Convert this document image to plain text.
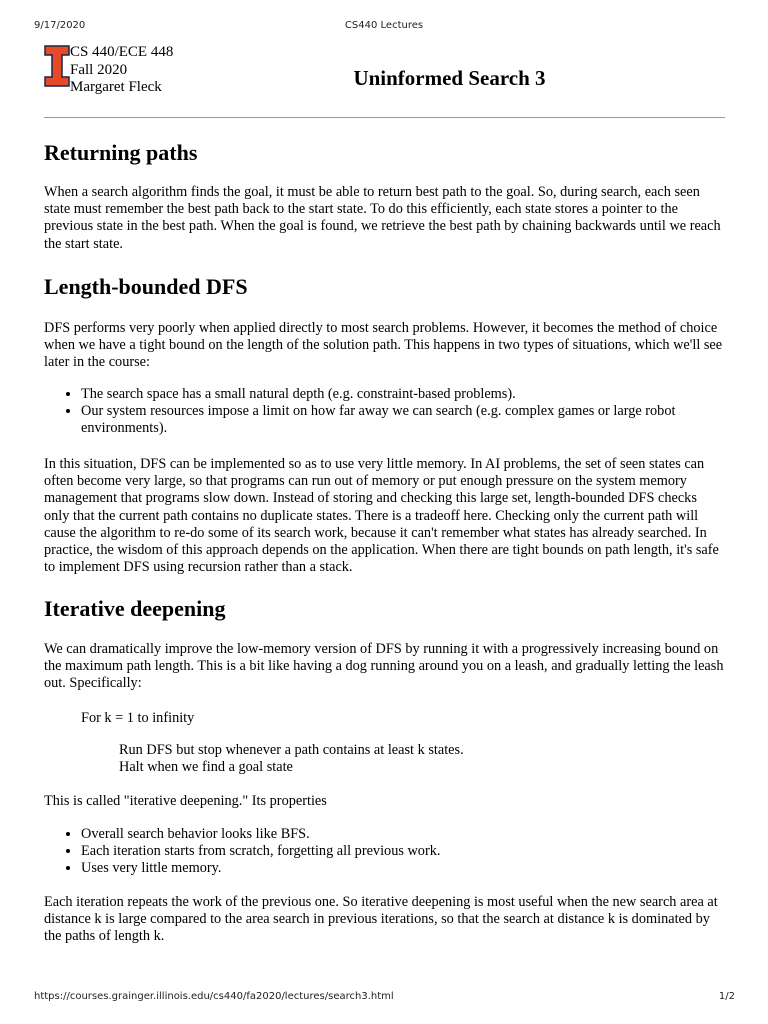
9/17/2020	CS440 Lectures
CS 440/ECE 448
Fall 2020
Margaret Fleck	Uninformed Search 3
Returning paths

When a search algorithm finds the goal, it must be able to return best path to the goal. So, during search, each seen state must remember the best path back to the start state. To do this efficiently, each state stores a pointer to the previous state in the best path. When the goal is found, we retrieve the best path by chaining backwards until we reach the start state.

Length-bounded DFS

DFS performs very poorly when applied directly to most search problems. However, it becomes the method of choice when we have a tight bound on the length of the solution path. This happens in two types of situations, which we'll see later in the course:

• The search space has a small natural depth (e.g. constraint-based problems).
• Our system resources impose a limit on how far away we can search (e.g. complex games or large robot environments).

In this situation, DFS can be implemented so as to use very little memory. In AI problems, the set of seen states can often become very large, so that programs can run out of memory or put enough pressure on the system memory management that programs slow down. Instead of storing and checking this large set, length-bounded DFS checks only that the current path contains no duplicate states. There is a tradeoff here. Checking only the current path will cause the algorithm to re-do some of its search work, because it can't remember what states has already searched. In practice, the wisdom of this approach depends on the application. When there are tight bounds on path length, it's safe to implement DFS using recursion rather than a stack.

Iterative deepening

We can dramatically improve the low-memory version of DFS by running it with a progressively increasing bound on the maximum path length. This is a bit like having a dog running around you on a leash, and gradually letting the leash out. Specifically:

For k = 1 to infinity

Run DFS but stop whenever a path contains at least k states.

Halt when we find a goal state

This is called "iterative deepening." Its properties

• Overall search behavior looks like BFS.
• Each iteration starts from scratch, forgetting all previous work.
• Uses very little memory.

Each iteration repeats the work of the previous one. So iterative deepening is most useful when the new search area at distance k is large compared to the area search in previous iterations, so that the search at distance k is dominated by the paths of length k.

https://courses.grainger.illinois.edu/cs440/fa2020/lectures/search3.html	1/2
